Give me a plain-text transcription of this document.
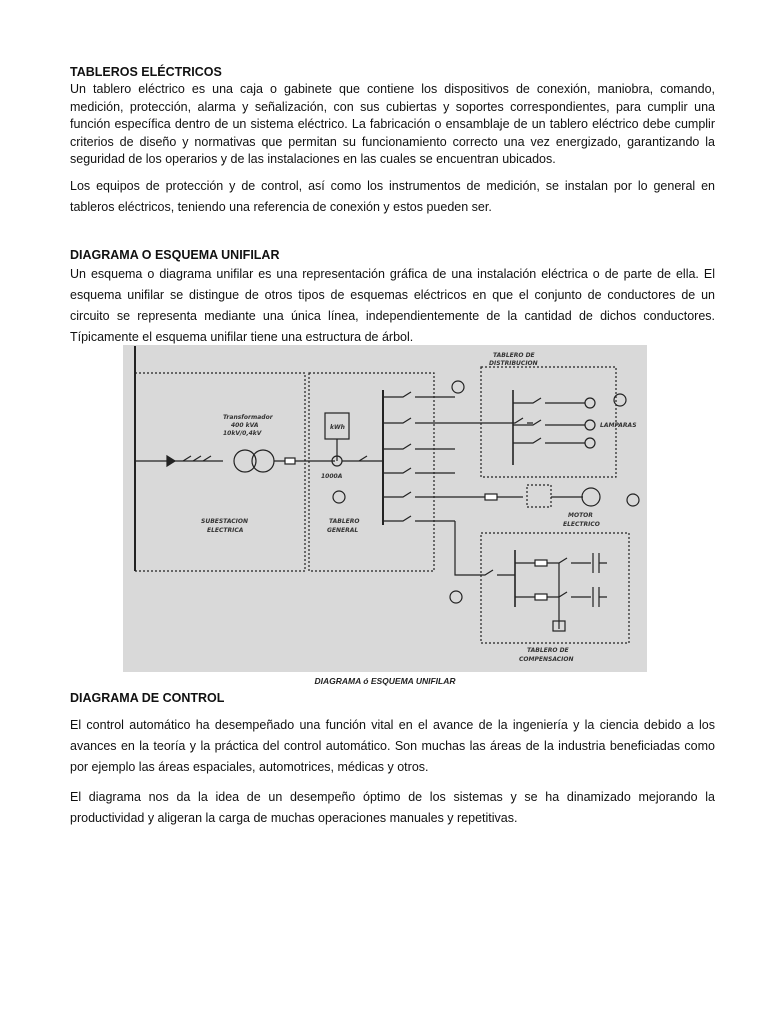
TABLEROS ELÉCTRICOS

Un tablero eléctrico es una caja o gabinete que contiene los dispositivos de conexión, maniobra, comando, medición, protección, alarma y señalización, con sus cubiertas y soportes correspondientes, para cumplir una función específica dentro de un sistema eléctrico. La fabricación o ensamblaje de un tablero eléctrico debe cumplir criterios de diseño y normativas que permitan su funcionamiento correcto una vez energizado, garantizando la seguridad de los operarios y de las instalaciones en las cuales se encuentran ubicados.

Los equipos de protección y de control, así como los instrumentos de medición, se instalan por lo general en tableros eléctricos, teniendo una referencia de conexión y estos pueden ser.

DIAGRAMA O ESQUEMA UNIFILAR

Un esquema o diagrama unifilar es una representación gráfica de una instalación eléctrica o de parte de ella. El esquema unifilar se distingue de otros tipos de esquemas eléctricos en que el conjunto de conductores de un circuito se representa mediante una única línea, independientemente de la cantidad de dichos conductores. Típicamente el esquema unifilar tiene una estructura de árbol.

Transformador
400 kVA
10kV/0,4kV
SUBESTACION
ELECTRICA
kWh
1000A
TABLERO
GENERAL
TABLERO DE
DISTRIBUCION
LAMPARAS
MOTOR
ELECTRICO
TABLERO DE
COMPENSACION
DIAGRAMA ó ESQUEMA UNIFILAR

DIAGRAMA DE CONTROL

El control automático ha desempeñado una función vital en el avance de la ingeniería y la ciencia debido a los avances en la teoría y la práctica del control automático. Son muchas las áreas de la industria beneficiadas como por ejemplo las áreas espaciales, automotrices, médicas y otros.

El diagrama nos da la idea de un desempeño óptimo de los sistemas y se ha dinamizado mejorando la productividad y aligeran la carga de muchas operaciones manuales y repetitivas.
